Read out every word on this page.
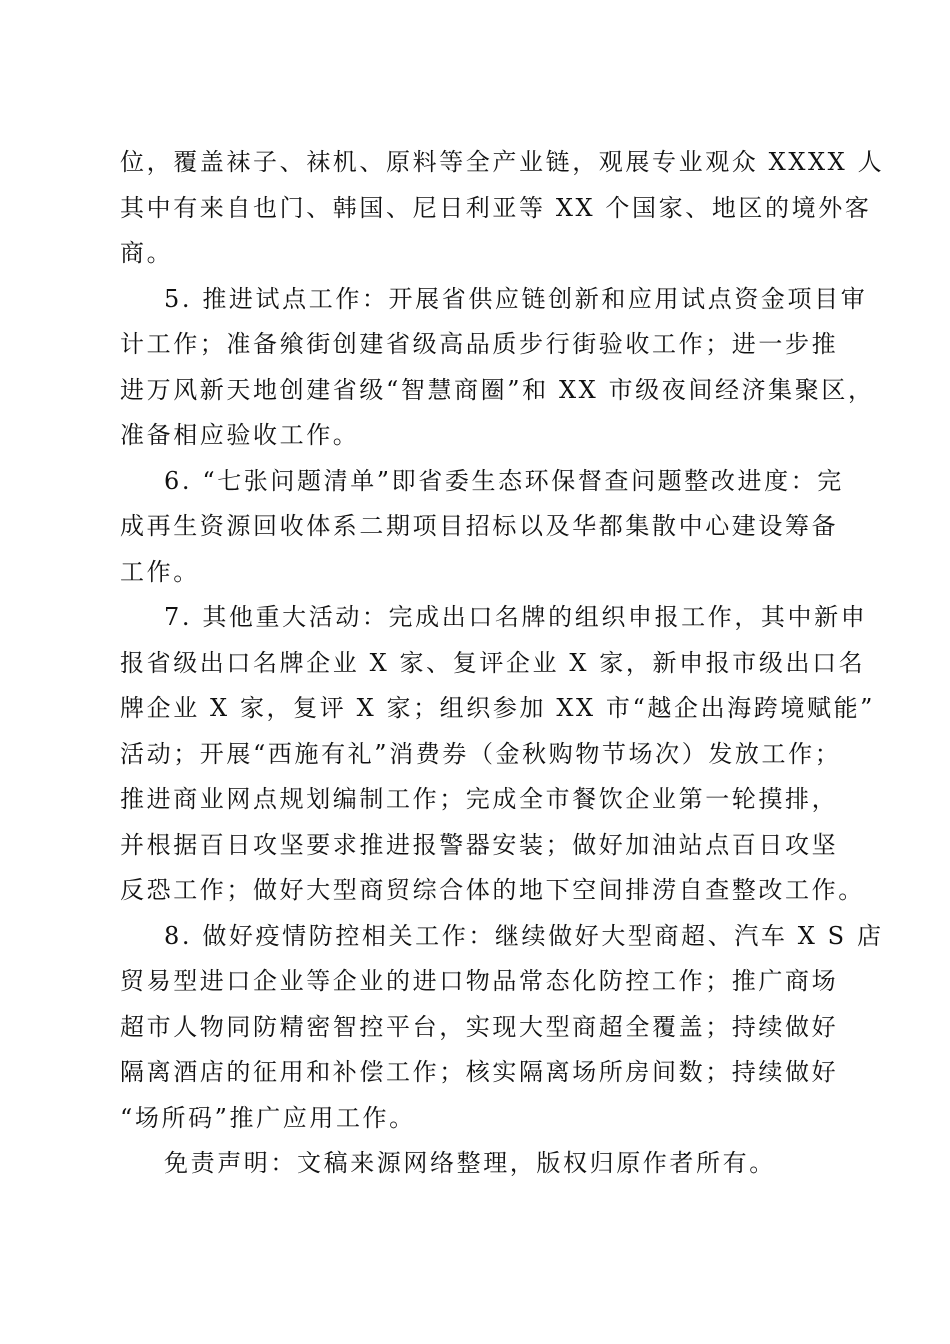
位，覆盖袜子、袜机、原料等全产业链，观展专业观众 XXXX 人
其中有来自也门、韩国、尼日利亚等 XX 个国家、地区的境外客
商。

5. 推进试点工作：开展省供应链创新和应用试点资金项目审
计工作；准备飨街创建省级高品质步行街验收工作；进一步推
进万风新天地创建省级“智慧商圈”和 XX 市级夜间经济集聚区，
准备相应验收工作。

6. “七张问题清单”即省委生态环保督查问题整改进度：完
成再生资源回收体系二期项目招标以及华都集散中心建设筹备
工作。

7. 其他重大活动：完成出口名牌的组织申报工作，其中新申
报省级出口名牌企业 X 家、复评企业 X 家，新申报市级出口名
牌企业 X 家，复评 X 家；组织参加 XX 市“越企出海跨境赋能”
活动；开展“西施有礼”消费券（金秋购物节场次）发放工作；
推进商业网点规划编制工作；完成全市餐饮企业第一轮摸排，
并根据百日攻坚要求推进报警器安装；做好加油站点百日攻坚
反恐工作；做好大型商贸综合体的地下空间排涝自查整改工作。

8. 做好疫情防控相关工作：继续做好大型商超、汽车 X S 店
贸易型进口企业等企业的进口物品常态化防控工作；推广商场
超市人物同防精密智控平台，实现大型商超全覆盖；持续做好
隔离酒店的征用和补偿工作；核实隔离场所房间数；持续做好
“场所码”推广应用工作。

免责声明：文稿来源网络整理，版权归原作者所有。
